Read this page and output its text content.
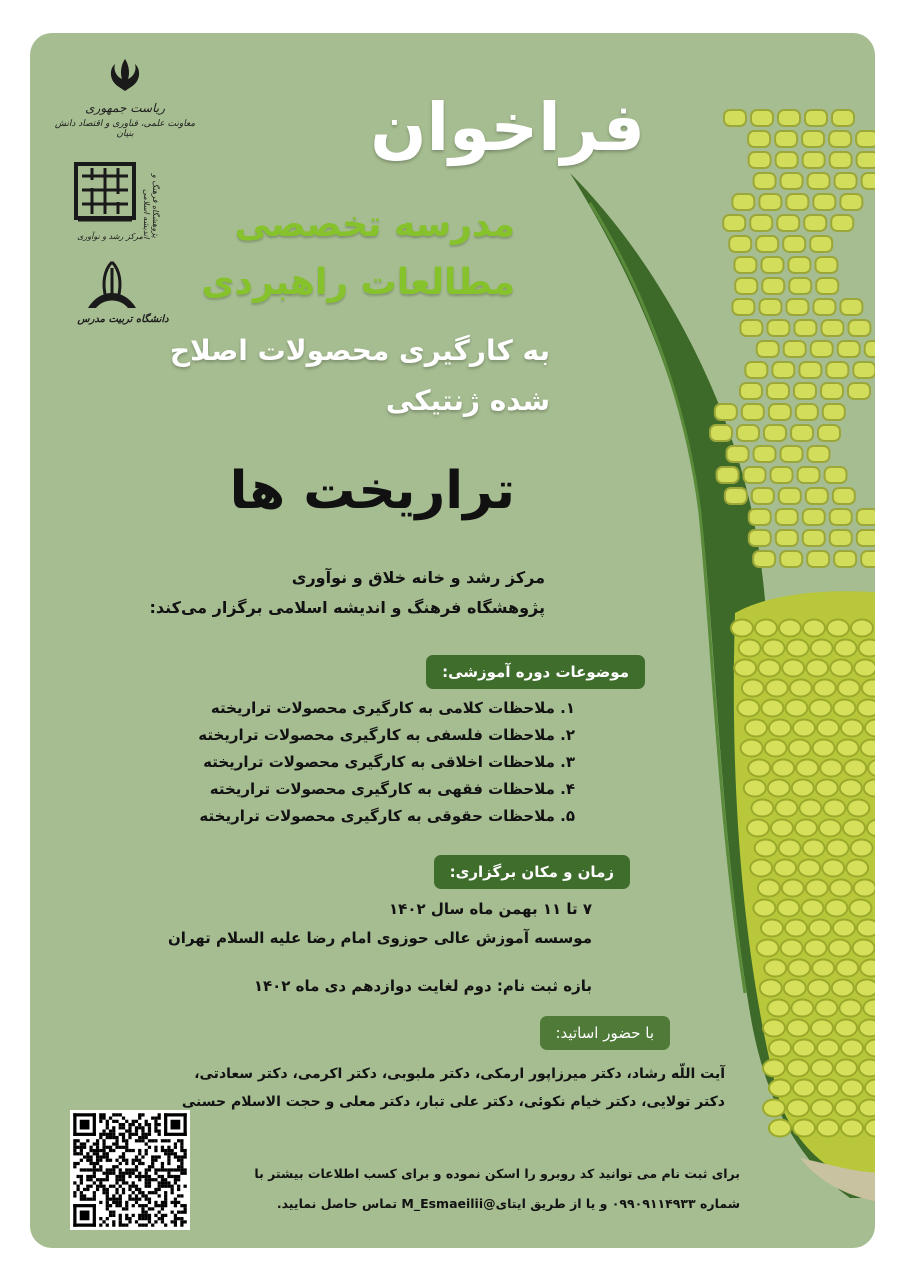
ریاست جمهوری
معاونت علمی، فناوری و اقتصاد دانش بنیان
پژوهشگاه فرهنگ و اندیشه اسلامی
مرکز رشد و نوآوری
دانشگاه تربیت مدرس
فراخوان
مدرسه تخصصی
مطالعات راهبردی
به کارگیری محصولات اصلاح
شده ژنتیکی
تراریخت ها
مرکز رشد و خانه خلاق و نوآوری
پژوهشگاه فرهنگ و اندیشه اسلامی برگزار می‌کند:
موضوعات دوره آموزشی:
۱. ملاحظات کلامی به کارگیری محصولات تراریخته
۲. ملاحظات فلسفی به کارگیری محصولات تراریخته
۳. ملاحظات اخلاقی به کارگیری محصولات تراریخته
۴. ملاحظات فقهی به کارگیری محصولات تراریخته
۵. ملاحظات حقوقی به کارگیری محصولات تراریخته
زمان و مکان برگزاری:
۷ تا ۱۱ بهمن ماه سال ۱۴۰۲
موسسه آموزش عالی حوزوی امام رضا علیه السلام تهران
بازه ثبت نام: دوم لغایت دوازدهم دی ماه ۱۴۰۲
با حضور اساتید:
آیت اللّه رشاد، دکتر میرزاپور ارمکی، دکتر ملبوبی، دکتر اکرمی، دکتر سعادتی،
دکتر تولایی، دکتر خیام نکوئی، دکتر علی تبار، دکتر معلی و حجت الاسلام حسنی
برای ثبت نام می توانید کد روبرو را اسکن نموده و برای کسب اطلاعات بیشتر با
شماره ۰۹۹۰۹۱۱۴۹۳۳ و یا از طریق ایتای@M_Esmaeilii تماس حاصل نمایید.
